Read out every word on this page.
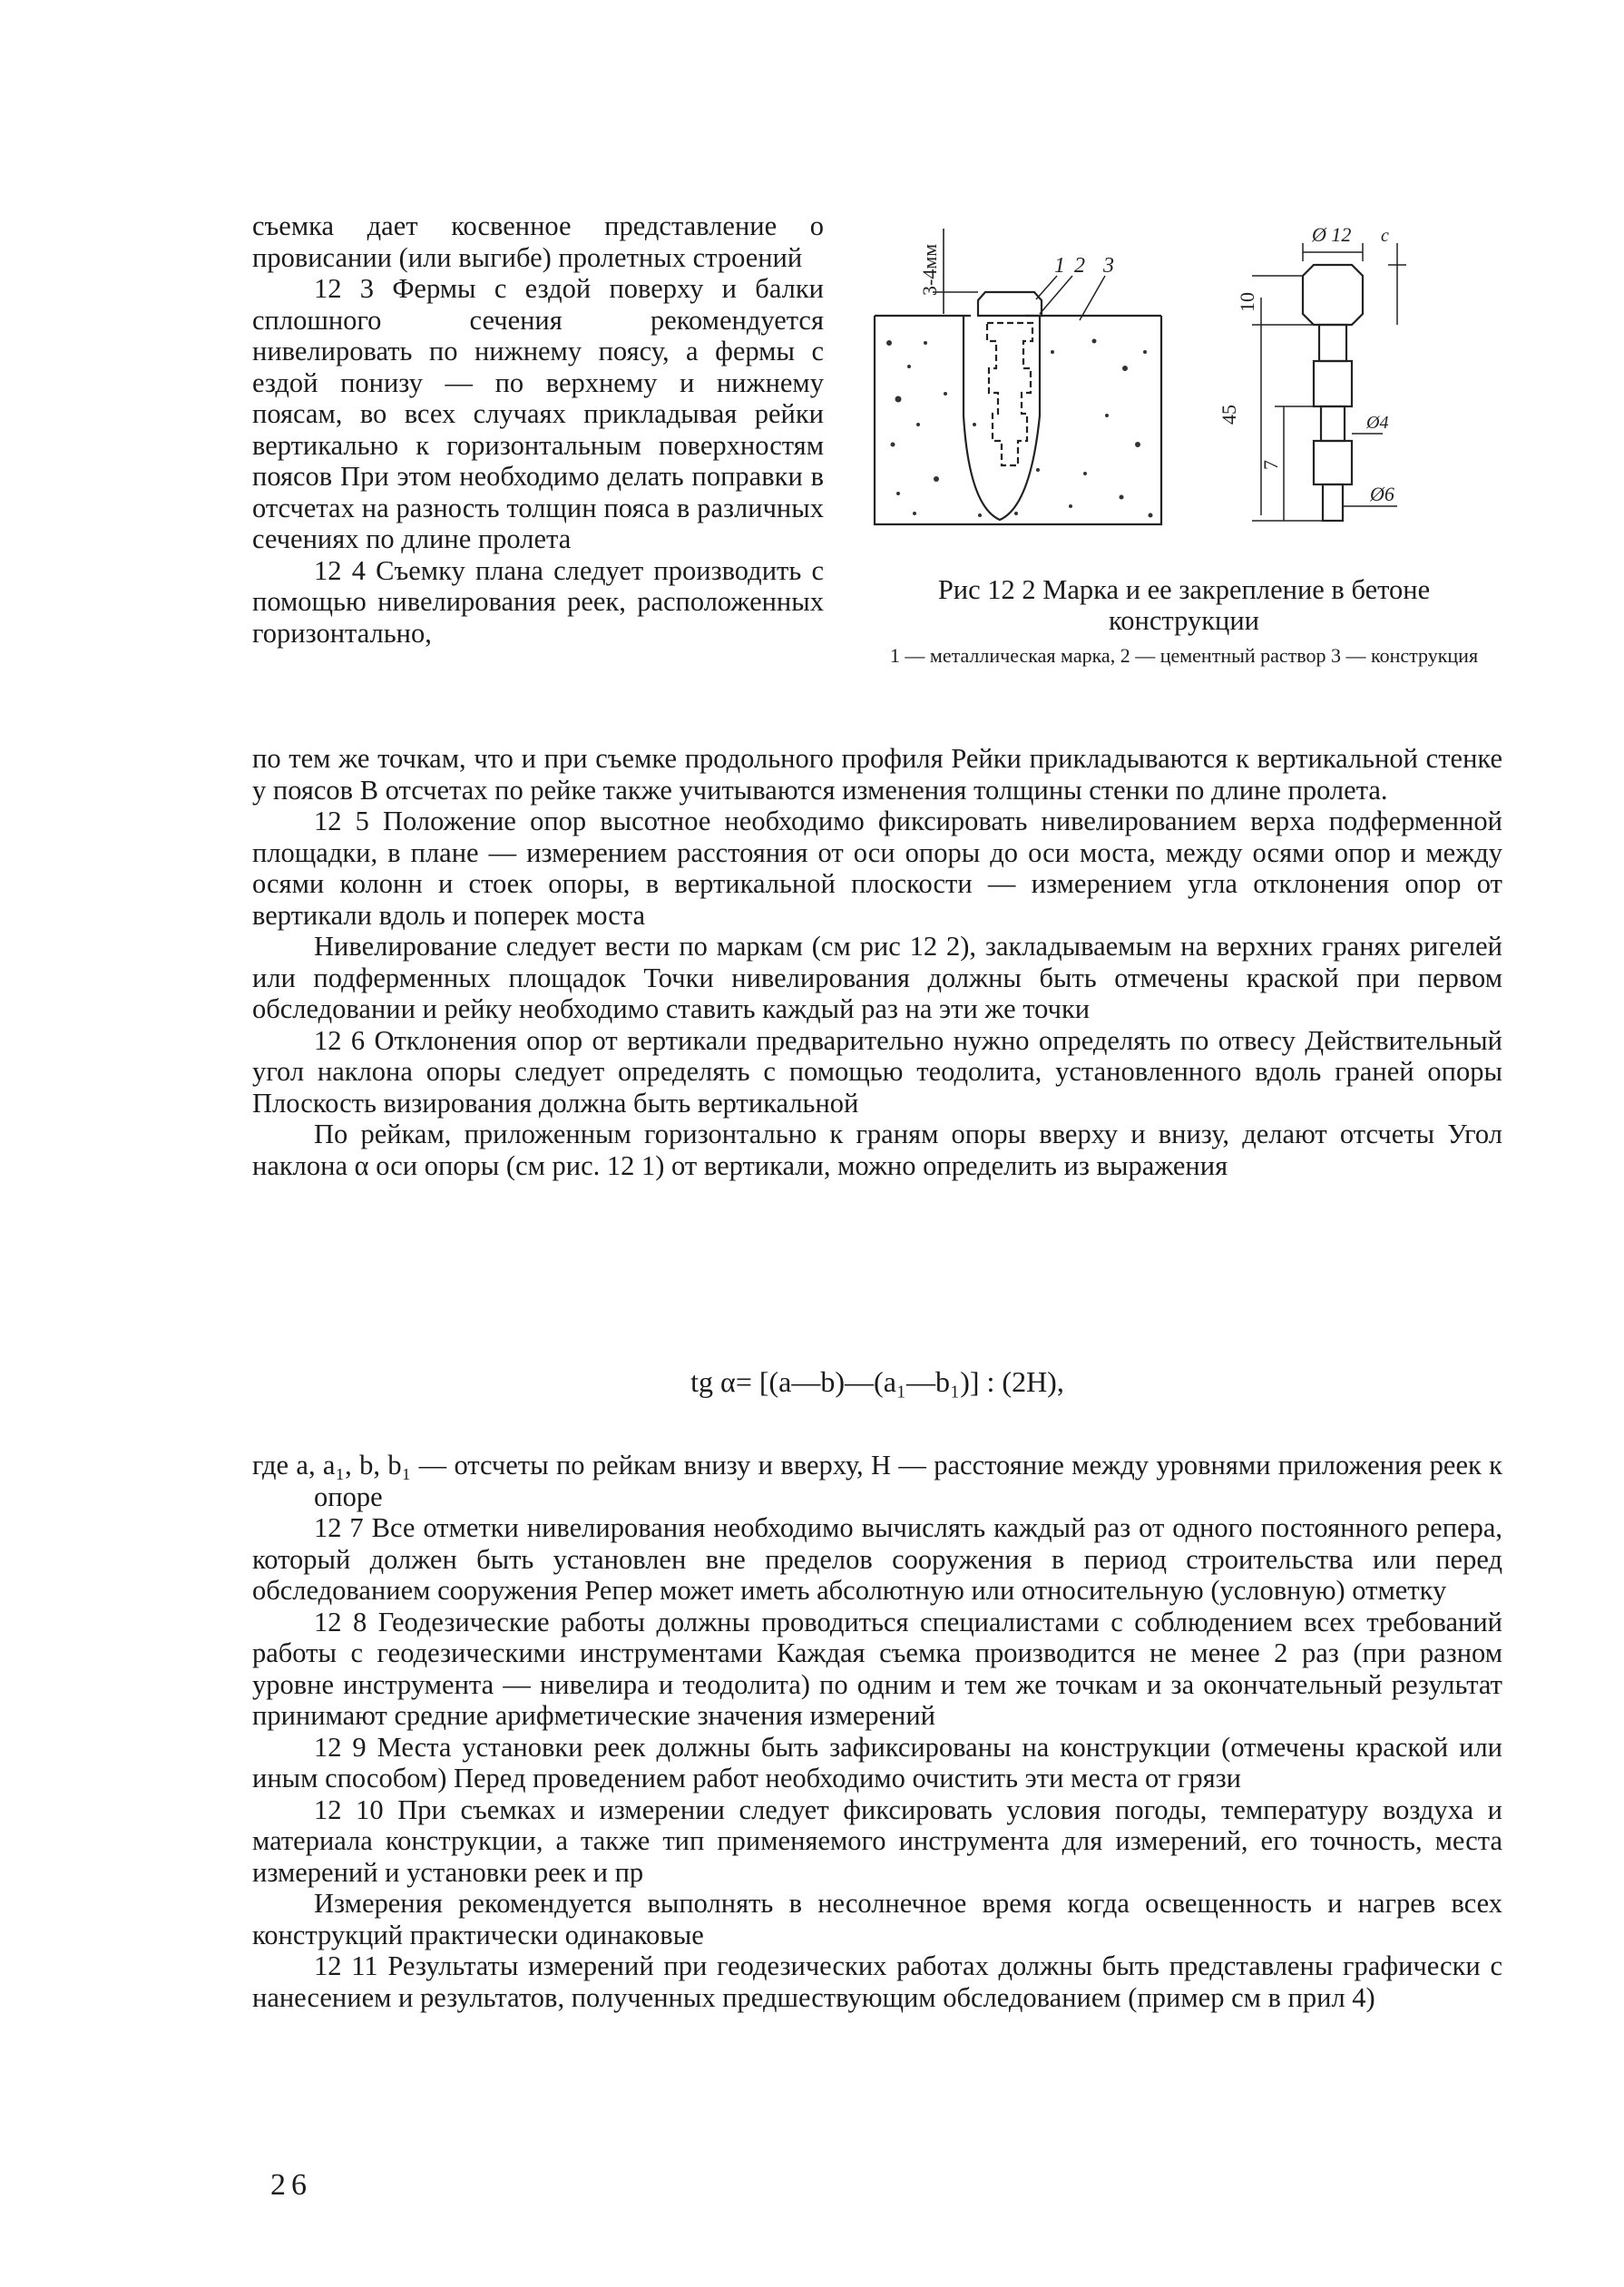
съемка дает косвенное представление о провисании (или выгибе) пролетных строений

12 3 Фермы с ездой поверху и балки сплошного сечения рекомендуется нивелировать по нижнему поясу, а фермы с ездой понизу — по верхнему и нижнему поясам, во всех случаях прикладывая рейки вертикально к горизонтальным поверхностям поясов При этом необходимо делать поправки в отсчетах на разность толщин пояса в различных сечениях по длине пролета

12 4 Съемку плана следует производить с помощью нивелирования реек, расположенных горизонтально,

3-4мм	1 2 3
Ø 12 c
10
45
7
Ø4
Ø6
Рис 12 2 Марка и ее закрепление в бетоне конструкции
1 — металлическая марка, 2 — цементный раствор 3 — конструкция

по тем же точкам, что и при съемке продольного профиля Рейки прикладываются к вертикальной стенке у поясов В отсчетах по рейке также учитываются изменения толщины стенки по длине пролета.

12 5 Положение опор высотное необходимо фиксировать нивелированием верха подферменной площадки, в плане — измерением расстояния от оси опоры до оси моста, между осями опор и между осями колонн и стоек опоры, в вертикальной плоскости — измерением угла отклонения опор от вертикали вдоль и поперек моста

Нивелирование следует вести по маркам (см рис 12 2), закладываемым на верхних гранях ригелей или подферменных площадок Точки нивелирования должны быть отмечены краской при первом обследовании и рейку необходимо ставить каждый раз на эти же точки

12 6 Отклонения опор от вертикали предварительно нужно определять по отвесу Действительный угол наклона опоры следует определять с помощью теодолита, установленного вдоль граней опоры Плоскость визирования должна быть вертикальной

По рейкам, приложенным горизонтально к граням опоры вверху и внизу, делают отсчеты Угол наклона α оси опоры (см рис. 12 1) от вертикали, можно определить из выражения

tg α= [(a—b)—(a₁—b₁)] : (2H),

где a, a₁, b, b₁ — отсчеты по рейкам внизу и вверху, H — расстояние между уровнями приложения реек к опоре

12 7 Все отметки нивелирования необходимо вычислять каждый раз от одного постоянного репера, который должен быть установлен вне пределов сооружения в период строительства или перед обследованием сооружения Репер может иметь абсолютную или относительную (условную) отметку

12 8 Геодезические работы должны проводиться специалистами с соблюдением всех требований работы с геодезическими инструментами Каждая съемка производится не менее 2 раз (при разном уровне инструмента — нивелира и теодолита) по одним и тем же точкам и за окончательный результат принимают средние арифметические значения измерений

12 9 Места установки реек должны быть зафиксированы на конструкции (отмечены краской или иным способом) Перед проведением работ необходимо очистить эти места от грязи

12 10 При съемках и измерении следует фиксировать условия погоды, температуру воздуха и материала конструкции, а также тип применяемого инструмента для измерений, его точность, места измерений и установки реек и пр

Измерения рекомендуется выполнять в несолнечное время когда освещенность и нагрев всех конструкций практически одинаковые

12 11 Результаты измерений при геодезических работах должны быть представлены графически с нанесением и результатов, полученных предшествующим обследованием (пример см в прил 4)

26
